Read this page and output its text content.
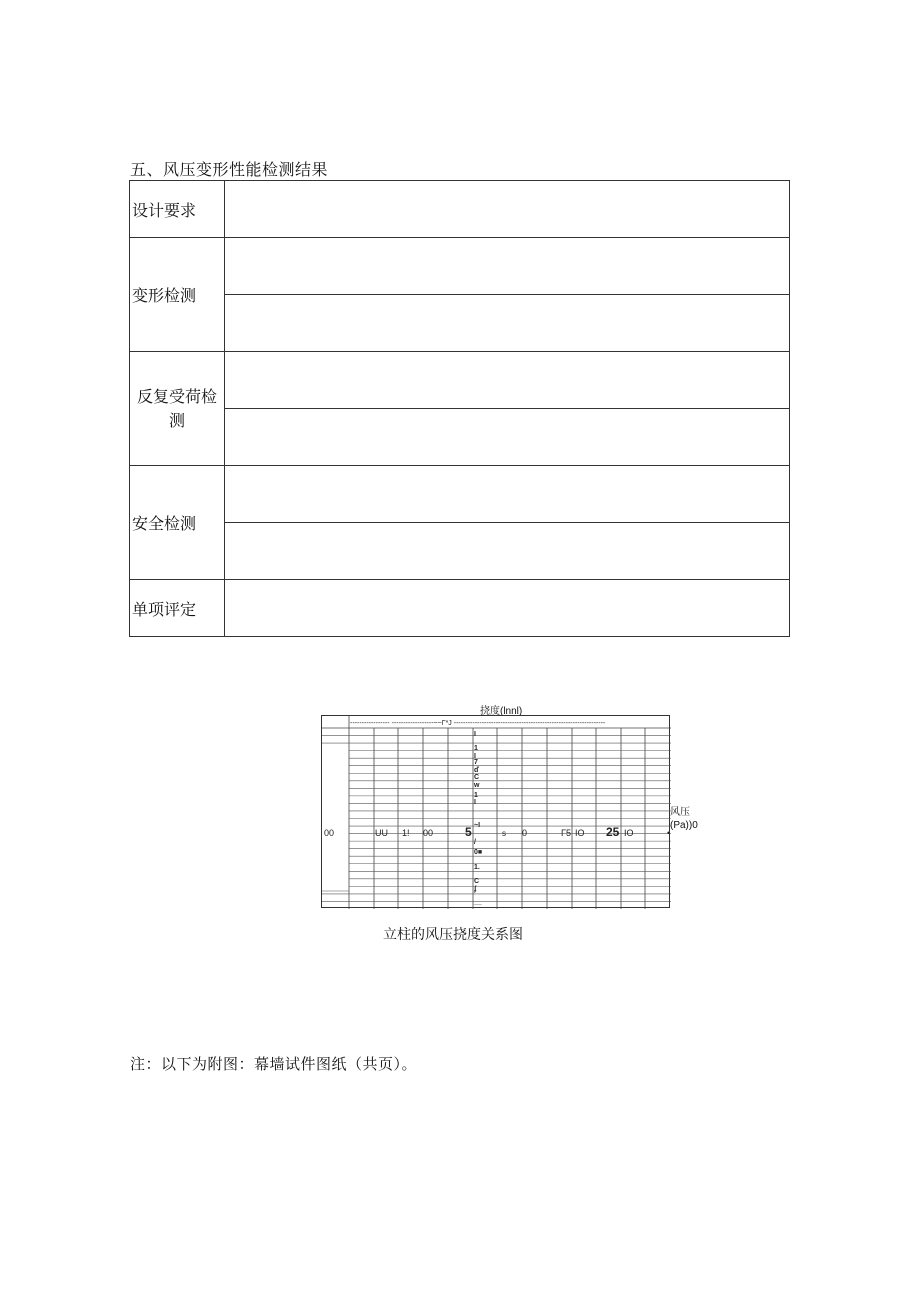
五、风压变形性能检测结果
设计要求	
变形检测	

反复受荷检
测	

安全检测	

单项评定	
挠度(lnnl)
----------------- ------------------~~Γ*J -----------------------------------------------------------------
00	UU 1! 00	5	s 0	Γ5 IO 25 IO	•
I
1
I
7
ď
C
w
1
I
~I
/
0■
1.
C
ʄ
__
风压
(Pa))0
立柱的风压挠度关系图
注：以下为附图：幕墙试件图纸（共页）。
